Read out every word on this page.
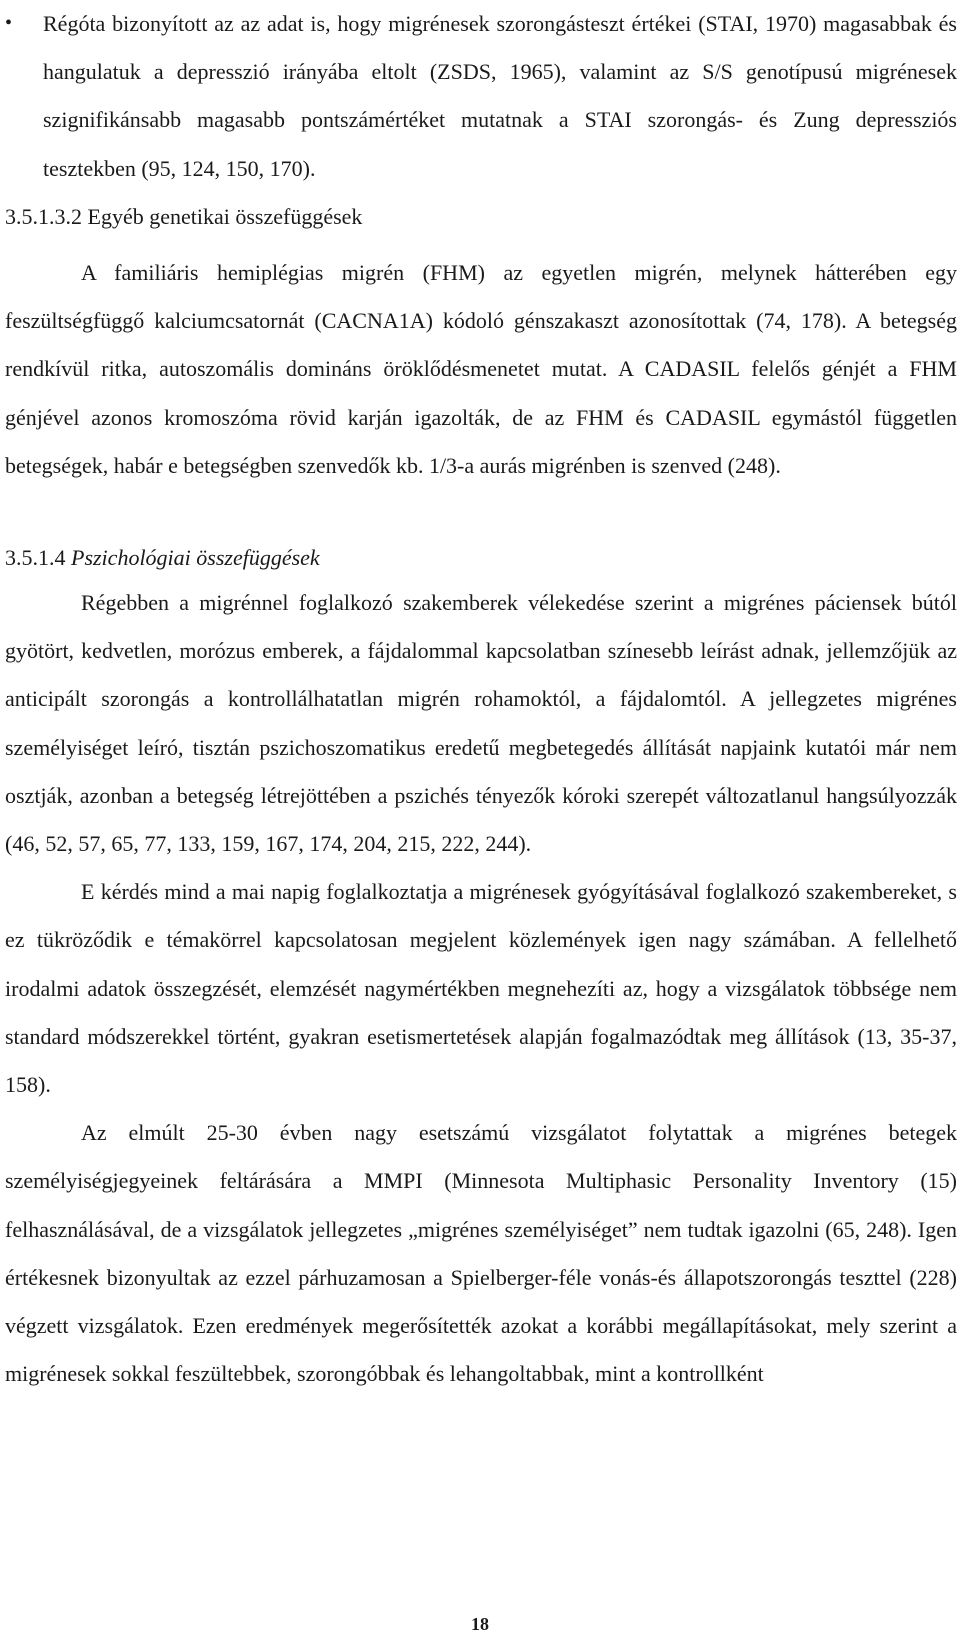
• Régóta bizonyított az az adat is, hogy migrénesek szorongásteszt értékei (STAI, 1970) magasabbak és hangulatuk a depresszió irányába eltolt (ZSDS, 1965), valamint az S/S genotípusú migrénesek szignifikánsabb magasabb pontszámértéket mutatnak a STAI szorongás- és Zung depressziós tesztekben (95, 124, 150, 170).

3.5.1.3.2 Egyéb genetikai összefüggések

A familiáris hemiplégias migrén (FHM) az egyetlen migrén, melynek hátterében egy feszültségfüggő kalciumcsatornát (CACNA1A) kódoló génszakaszt azonosítottak (74, 178). A betegség rendkívül ritka, autoszomális domináns öröklődésmenetet mutat. A CADASIL felelős génjét a FHM génjével azonos kromoszóma rövid karján igazolták, de az FHM és CADASIL egymástól független betegségek, habár e betegségben szenvedők kb. 1/3-a aurás migrénben is szenved (248).

3.5.1.4 Pszichológiai összefüggések

Régebben a migrénnel foglalkozó szakemberek vélekedése szerint a migrénes páciensek bútól gyötört, kedvetlen, morózus emberek, a fájdalommal kapcsolatban színesebb leírást adnak, jellemzőjük az anticipált szorongás a kontrollálhatatlan migrén rohamoktól, a fájdalomtól. A jellegzetes migrénes személyiséget leíró, tisztán pszichoszomatikus eredetű megbetegedés állítását napjaink kutatói már nem osztják, azonban a betegség létrejöttében a pszichés tényezők kóroki szerepét változatlanul hangsúlyozzák (46, 52, 57, 65, 77, 133, 159, 167, 174, 204, 215, 222, 244).

E kérdés mind a mai napig foglalkoztatja a migrénesek gyógyításával foglalkozó szakembereket, s ez tükröződik e témakörrel kapcsolatosan megjelent közlemények igen nagy számában. A fellelhető irodalmi adatok összegzését, elemzését nagymértékben megnehezíti az, hogy a vizsgálatok többsége nem standard módszerekkel történt, gyakran esetismertetések alapján fogalmazódtak meg állítások (13, 35-37, 158).

Az elmúlt 25-30 évben nagy esetszámú vizsgálatot folytattak a migrénes betegek személyiségjegyeinek feltárására a MMPI (Minnesota Multiphasic Personality Inventory (15) felhasználásával, de a vizsgálatok jellegzetes „migrénes személyiséget” nem tudtak igazolni (65, 248). Igen értékesnek bizonyultak az ezzel párhuzamosan a Spielberger-féle vonás-és állapotszorongás teszttel (228) végzett vizsgálatok. Ezen eredmények megerősítették azokat a korábbi megállapításokat, mely szerint a migrénesek sokkal feszültebbek, szorongóbbak és lehangoltabbak, mint a kontrollként

18
